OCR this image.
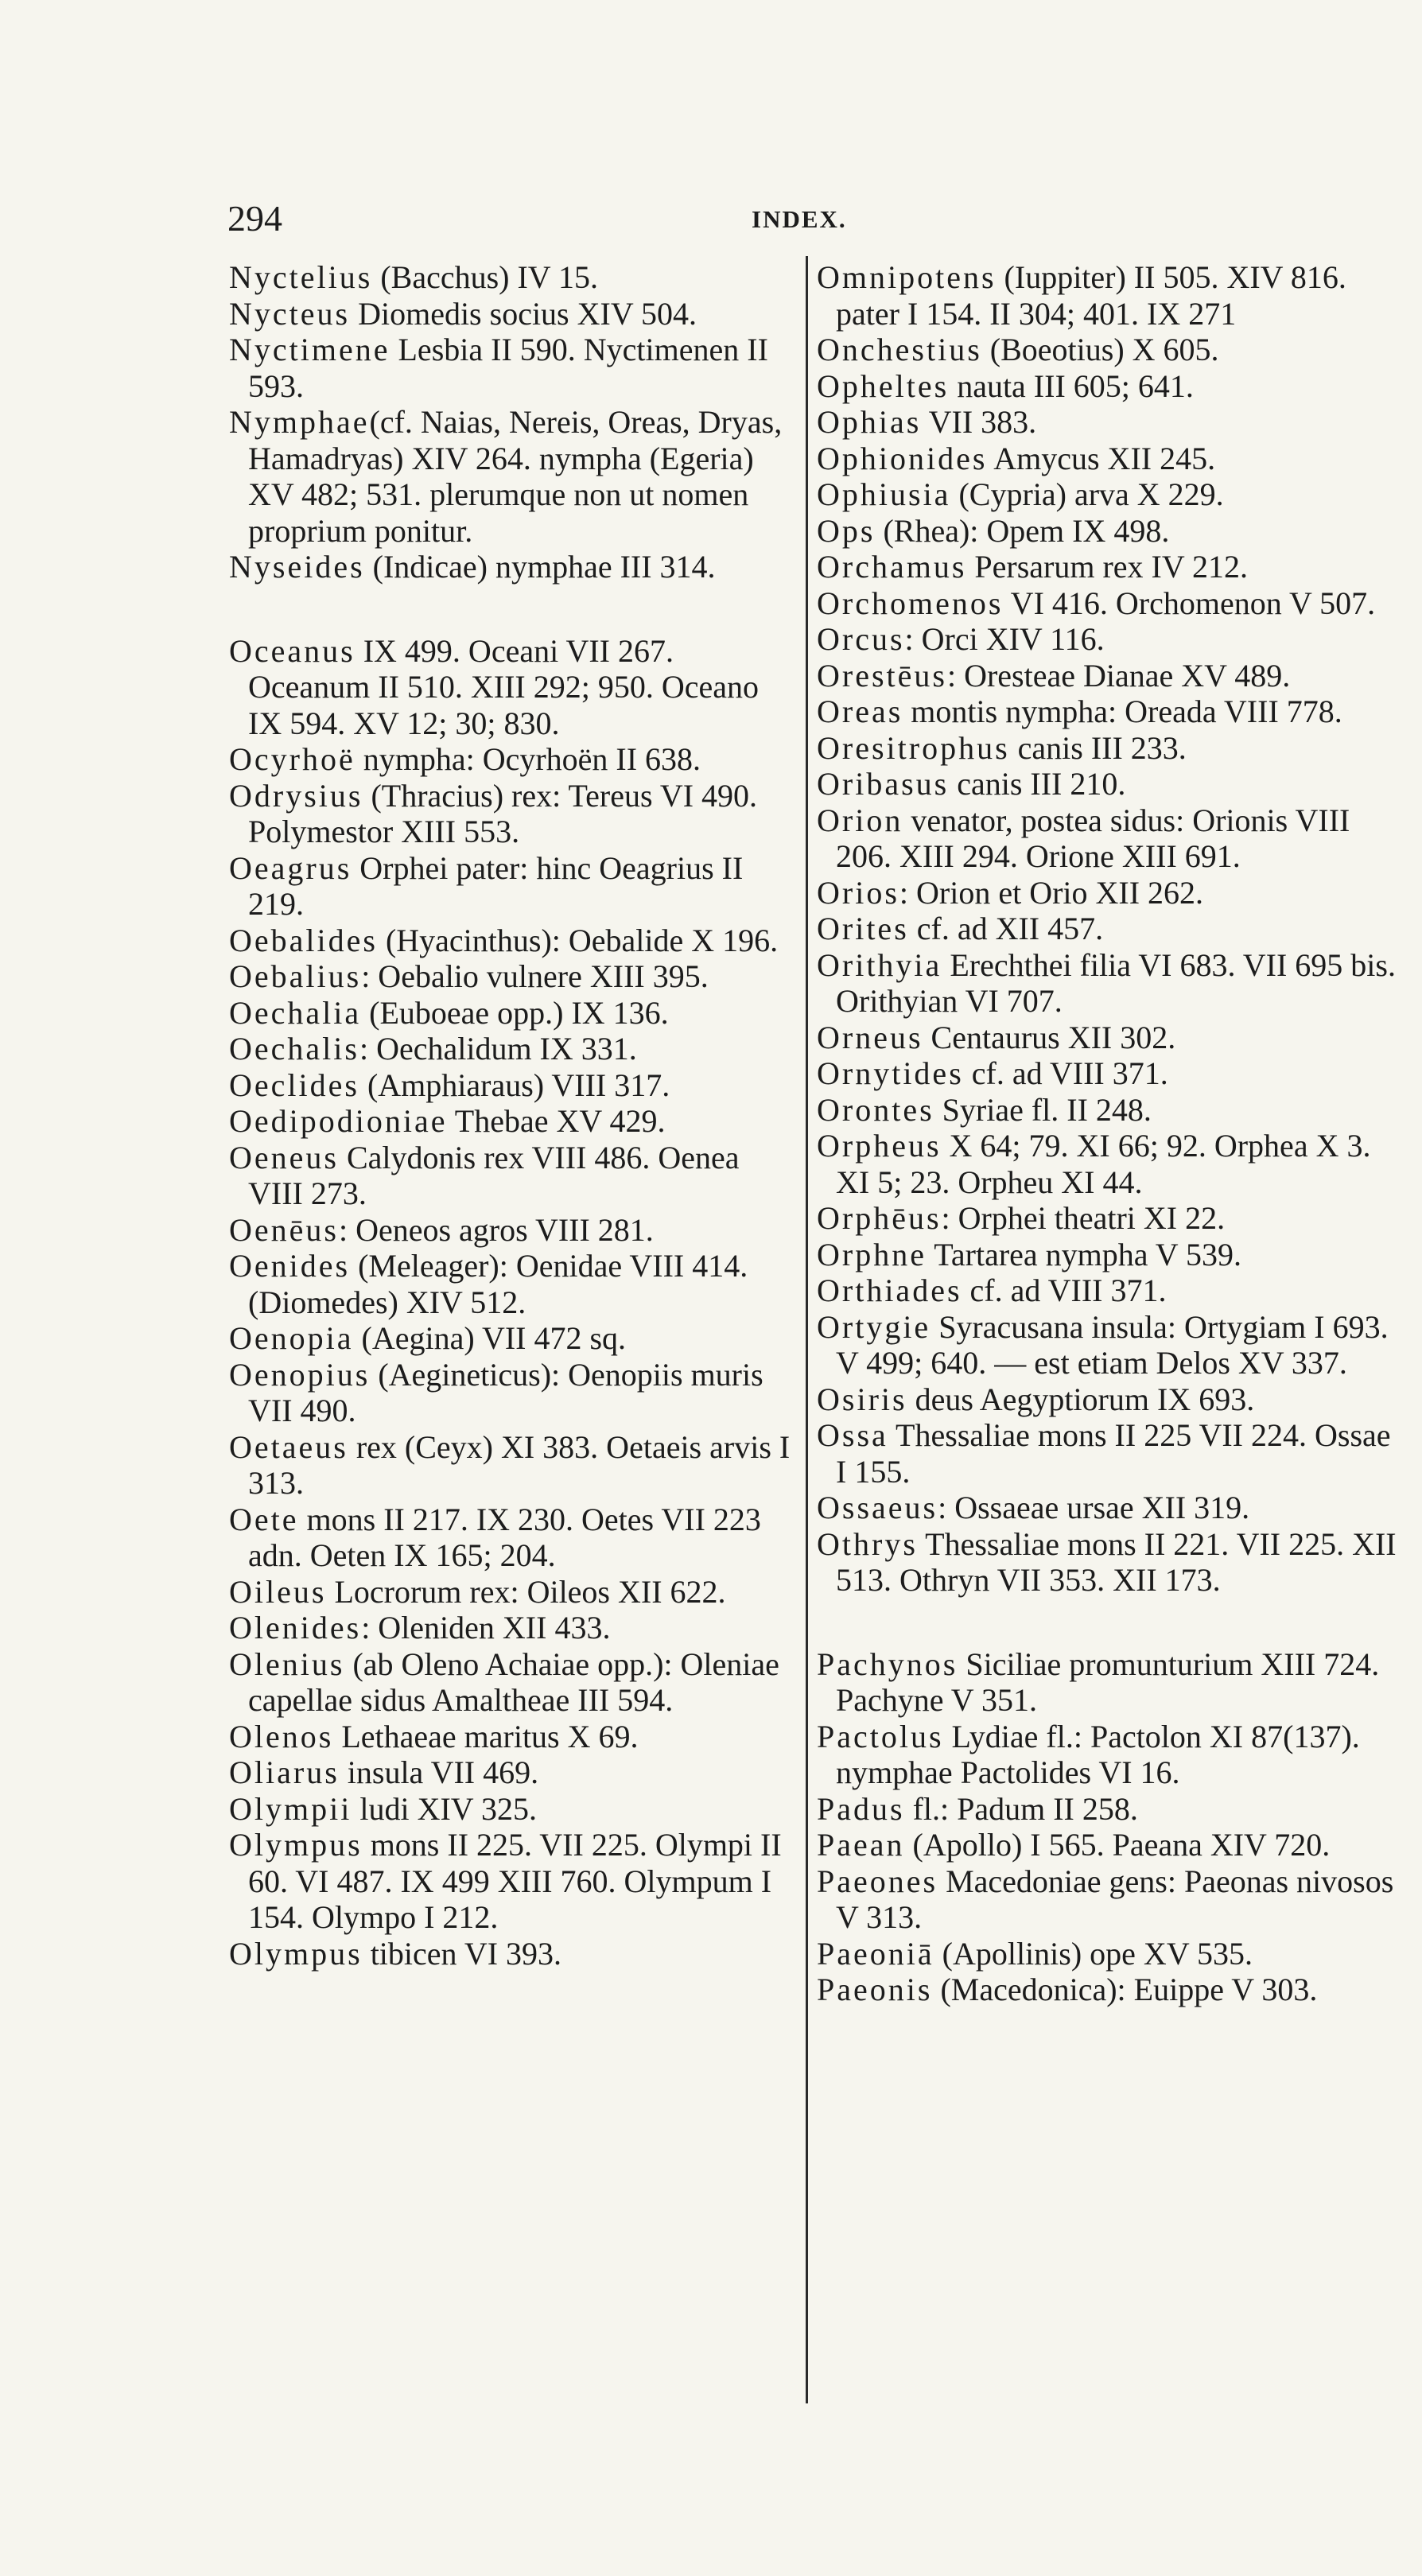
294	INDEX.

Nyctelius (Bacchus) IV 15.

Nycteus Diomedis socius XIV 504.

Nyctimene Lesbia II 590. Nyctimenen II 593.

Nymphae(cf. Naias, Nereis, Oreas, Dryas, Hamadryas) XIV 264. nympha (Egeria) XV 482; 531. plerumque non ut nomen proprium ponitur.

Nyseides (Indicae) nymphae III 314.

Oceanus IX 499. Oceani VII 267. Oceanum II 510. XIII 292; 950. Oceano IX 594. XV 12; 30; 830.

Ocyrhoë nympha: Ocyrhoën II 638.

Odrysius (Thracius) rex: Tereus VI 490. Polymestor XIII 553.

Oeagrus Orphei pater: hinc Oeagrius II 219.

Oebalides (Hyacinthus): Oebalide X 196.

Oebalius: Oebalio vulnere XIII 395.

Oechalia (Euboeae opp.) IX 136.

Oechalis: Oechalidum IX 331.

Oeclides (Amphiaraus) VIII 317.

Oedipodioniae Thebae XV 429.

Oeneus Calydonis rex VIII 486. Oenea VIII 273.

Oenēus: Oeneos agros VIII 281.

Oenides (Meleager): Oenidae VIII 414. (Diomedes) XIV 512.

Oenopia (Aegina) VII 472 sq.

Oenopius (Aegineticus): Oenopiis muris VII 490.

Oetaeus rex (Ceyx) XI 383. Oetaeis arvis I 313.

Oete mons II 217. IX 230. Oetes VII 223 adn. Oeten IX 165; 204.

Oileus Locrorum rex: Oileos XII 622.

Olenides: Oleniden XII 433.

Olenius (ab Oleno Achaiae opp.): Oleniae capellae sidus Amaltheae III 594.

Olenos Lethaeae maritus X 69.

Oliarus insula VII 469.

Olympii ludi XIV 325.

Olympus mons II 225. VII 225. Olympi II 60. VI 487. IX 499 XIII 760. Olympum I 154. Olympo I 212.

Olympus tibicen VI 393.

Omnipotens (Iuppiter) II 505. XIV 816. pater I 154. II 304; 401. IX 271

Onchestius (Boeotius) X 605.

Opheltes nauta III 605; 641.

Ophias VII 383.

Ophionides Amycus XII 245.

Ophiusia (Cypria) arva X 229.

Ops (Rhea): Opem IX 498.

Orchamus Persarum rex IV 212.

Orchomenos VI 416. Orchomenon V 507.

Orcus: Orci XIV 116.

Orestēus: Oresteae Dianae XV 489.

Oreas montis nympha: Oreada VIII 778.

Oresitrophus canis III 233.

Oribasus canis III 210.

Orion venator, postea sidus: Orionis VIII 206. XIII 294. Orione XIII 691.

Orios: Orion et Orio XII 262.

Orites cf. ad XII 457.

Orithyia Erechthei filia VI 683. VII 695 bis. Orithyian VI 707.

Orneus Centaurus XII 302.

Ornytides cf. ad VIII 371.

Orontes Syriae fl. II 248.

Orpheus X 64; 79. XI 66; 92. Orphea X 3. XI 5; 23. Orpheu XI 44.

Orphēus: Orphei theatri XI 22.

Orphne Tartarea nympha V 539.

Orthiades cf. ad VIII 371.

Ortygie Syracusana insula: Ortygiam I 693. V 499; 640. — est etiam Delos XV 337.

Osiris deus Aegyptiorum IX 693.

Ossa Thessaliae mons II 225 VII 224. Ossae I 155.

Ossaeus: Ossaeae ursae XII 319.

Othrys Thessaliae mons II 221. VII 225. XII 513. Othryn VII 353. XII 173.

Pachynos Siciliae promunturium XIII 724. Pachyne V 351.

Pactolus Lydiae fl.: Pactolon XI 87(137). nymphae Pactolides VI 16.

Padus fl.: Padum II 258.

Paean (Apollo) I 565. Paeana XIV 720.

Paeones Macedoniae gens: Paeonas nivosos V 313.

Paeoniā (Apollinis) ope XV 535.

Paeonis (Macedonica): Euippe V 303.
